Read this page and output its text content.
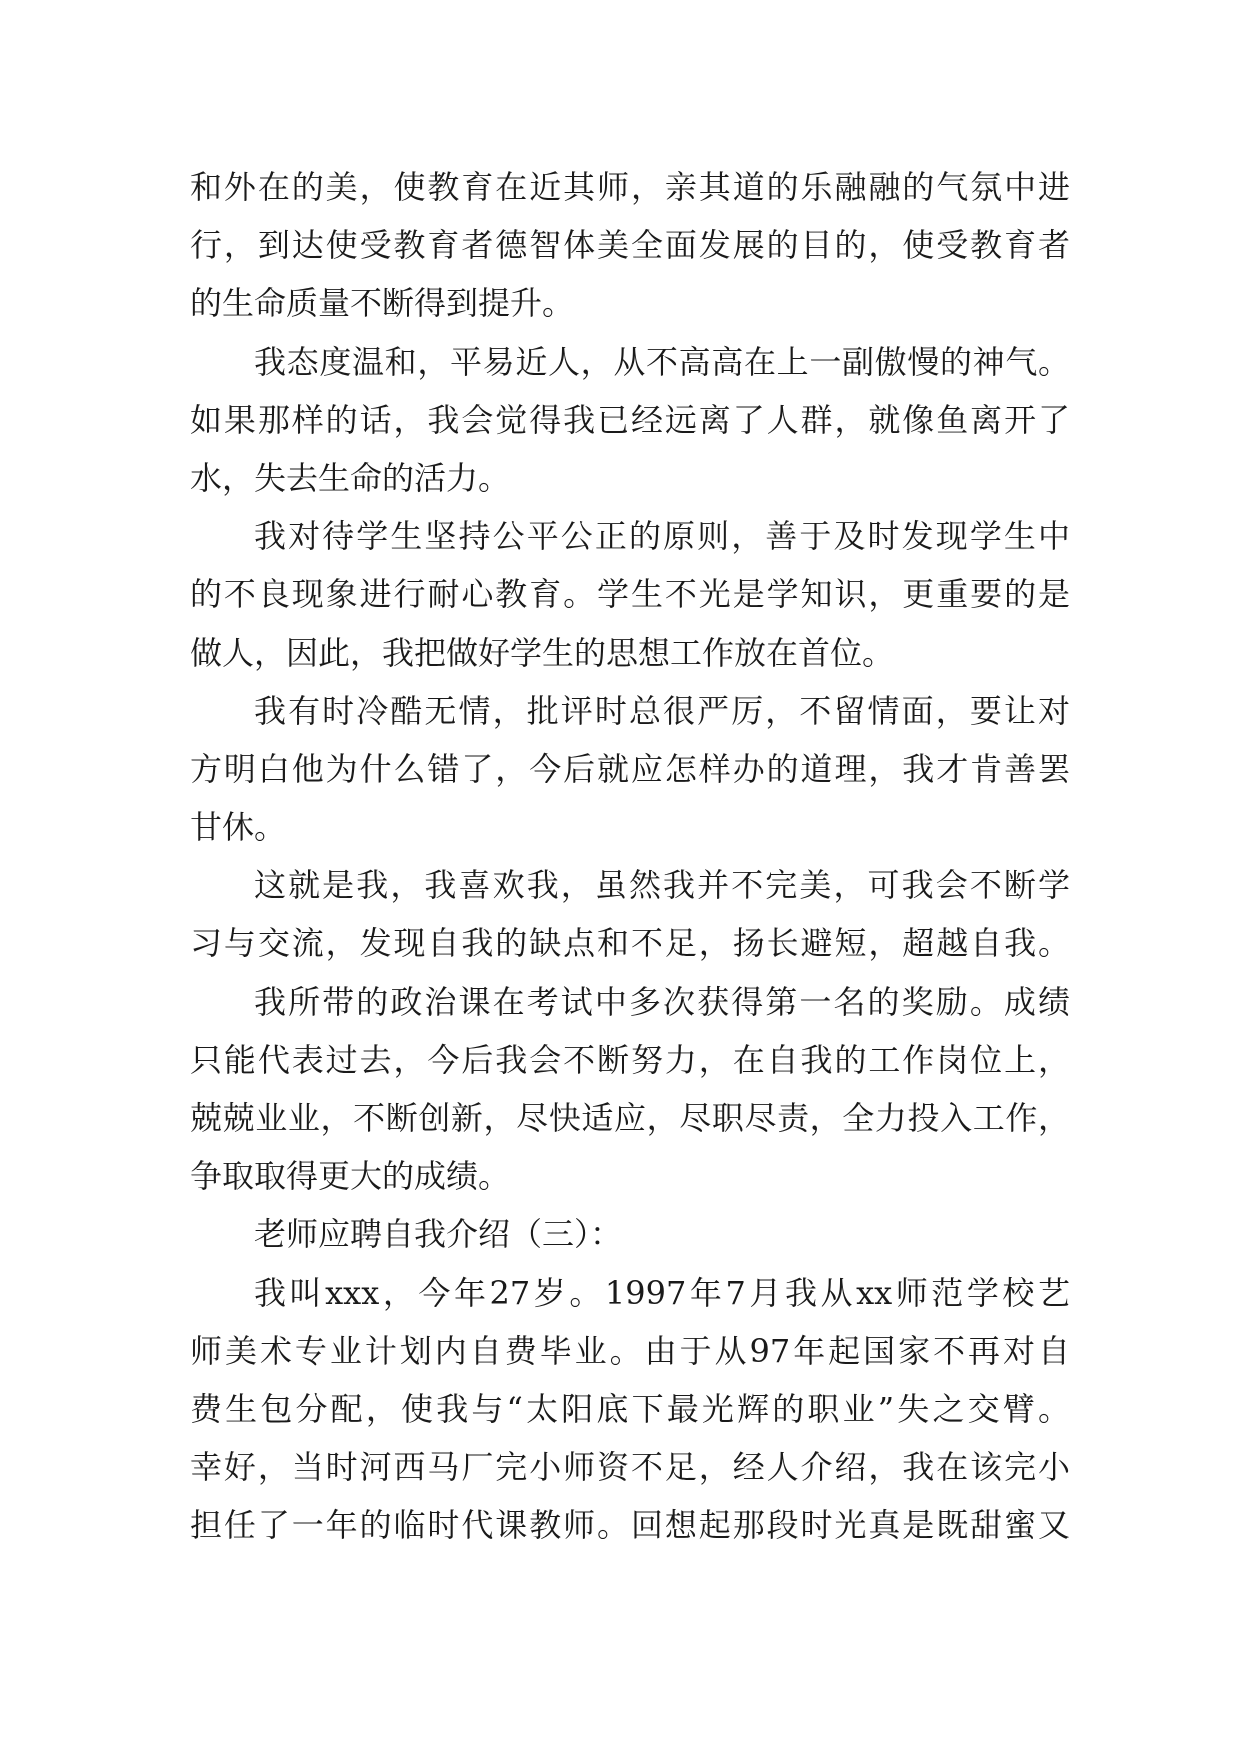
和外在的美，使教育在近其师，亲其道的乐融融的气氛中进
行，到达使受教育者德智体美全面发展的目的，使受教育者
的生命质量不断得到提升。
我态度温和，平易近人，从不高高在上一副傲慢的神气。
如果那样的话，我会觉得我已经远离了人群，就像鱼离开了
水，失去生命的活力。
我对待学生坚持公平公正的原则，善于及时发现学生中
的不良现象进行耐心教育。学生不光是学知识，更重要的是
做人，因此，我把做好学生的思想工作放在首位。
我有时冷酷无情，批评时总很严厉，不留情面，要让对
方明白他为什么错了，今后就应怎样办的道理，我才肯善罢
甘休。
这就是我，我喜欢我，虽然我并不完美，可我会不断学
习与交流，发现自我的缺点和不足，扬长避短，超越自我。
我所带的政治课在考试中多次获得第一名的奖励。成绩
只能代表过去，今后我会不断努力，在自我的工作岗位上，
兢兢业业，不断创新，尽快适应，尽职尽责，全力投入工作，
争取取得更大的成绩。
老师应聘自我介绍（三）：
我叫xxx，今年27岁。1997年7月我从xx师范学校艺
师美术专业计划内自费毕业。由于从97年起国家不再对自
费生包分配，使我与“太阳底下最光辉的职业”失之交臂。
幸好，当时河西马厂完小师资不足，经人介绍，我在该完小
担任了一年的临时代课教师。回想起那段时光真是既甜蜜又
